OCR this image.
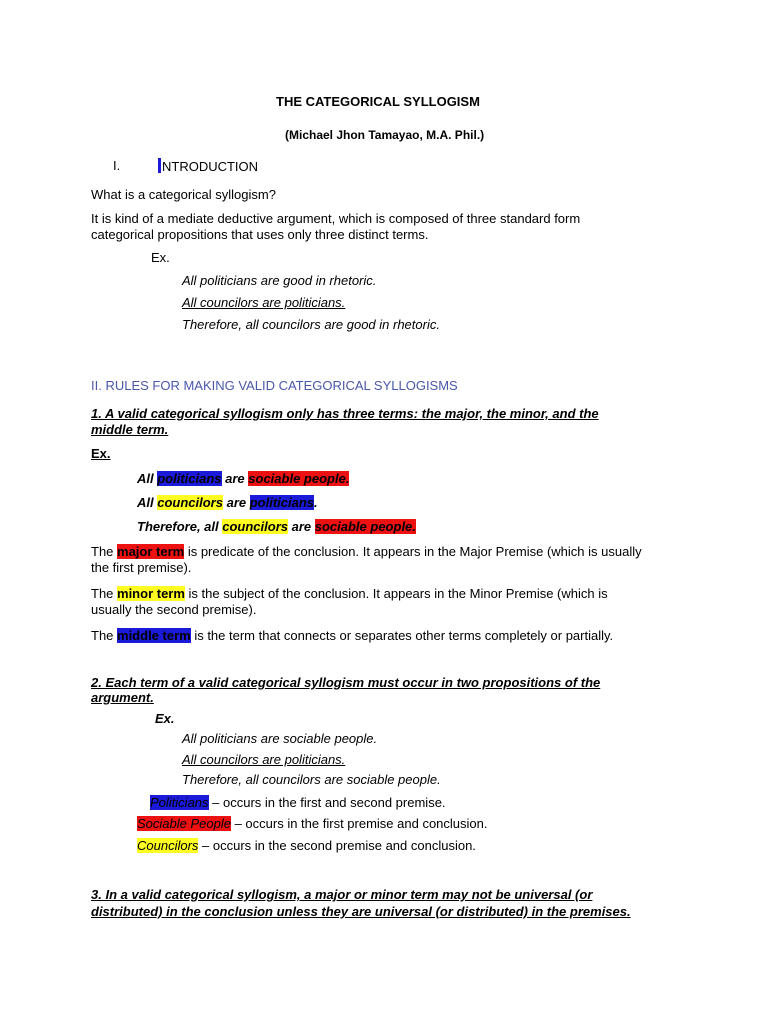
THE CATEGORICAL SYLLOGISM
(Michael Jhon Tamayao, M.A. Phil.)
I.	NTRODUCTION
What is a categorical syllogism?
It is kind of a mediate deductive argument, which is composed of three standard form
categorical propositions that uses only three distinct terms.
Ex.
All politicians are good in rhetoric.
All councilors are politicians.
Therefore, all councilors are good in rhetoric.
II. RULES FOR MAKING VALID CATEGORICAL SYLLOGISMS
1. A valid categorical syllogism only has three terms: the major, the minor, and the
middle term.
Ex.
All politicians are sociable people.
All councilors are politicians.
Therefore, all councilors are sociable people.
The major term is predicate of the conclusion. It appears in the Major Premise (which is usually
the first premise).
The minor term is the subject of the conclusion. It appears in the Minor Premise (which is
usually the second premise).
The middle term is the term that connects or separates other terms completely or partially.
2. Each term of a valid categorical syllogism must occur in two propositions of the
argument.
Ex.
All politicians are sociable people.
All councilors are politicians.
Therefore, all councilors are sociable people.
Politicians – occurs in the first and second premise.
Sociable People – occurs in the first premise and conclusion.
Councilors – occurs in the second premise and conclusion.
3. In a valid categorical syllogism, a major or minor term may not be universal (or
distributed) in the conclusion unless they are universal (or distributed) in the premises.
